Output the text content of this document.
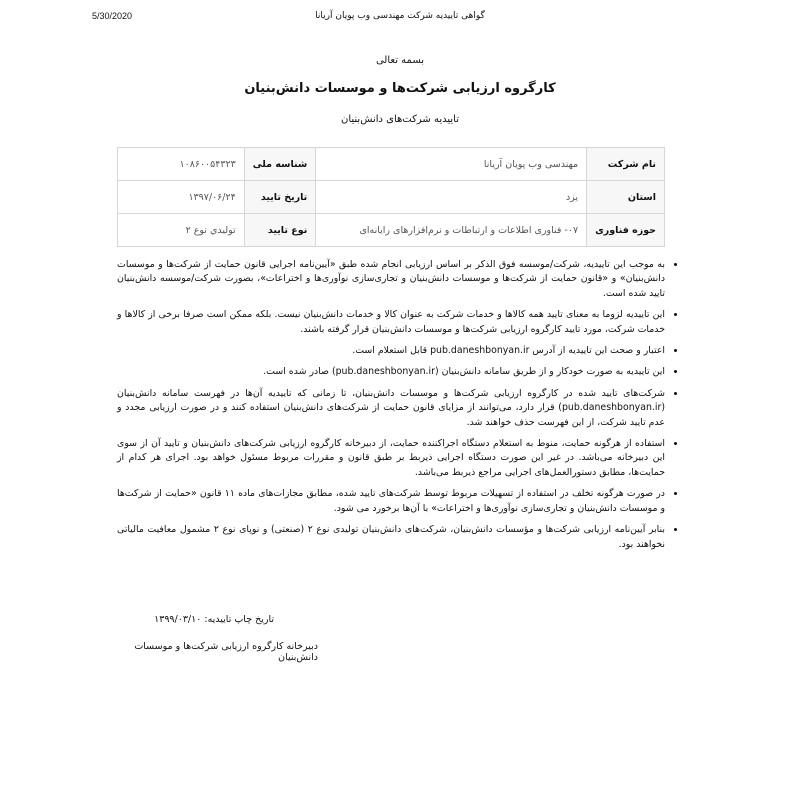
5/30/2020	گواهی تاییدیه شرکت مهندسی وب پویان آریانا
بسمه تعالی
کارگروه ارزیابی شرکت‌ها و موسسات دانش‌بنیان
تاییدیه شرکت‌های دانش‌بنیان
نام شرکت	مهندسی وب پویان آریانا	شناسه ملی	۱۰۸۶۰۰۵۴۳۲۳
استان	یزد	تاریخ تایید	۱۳۹۷/۰۶/۲۴
حوزه فناوری	۰۷- فناوری اطلاعات و ارتباطات و نرم‌افزارهای رایانه‌ای	نوع تایید	توليدي نوع ۲
• به موجب این تاییدیه، شرکت/موسسه فوق الذکر بر اساس ارزیابی انجام شده طبق «آیین‌نامه اجرایی قانون حمایت از شرکت‌ها و موسسات دانش‌بنیان» و «قانون حمایت از شرکت‌ها و موسسات دانش‌بنیان و تجاری‌سازی نوآوری‌ها و اختراعات»، بصورت شرکت/موسسه دانش‌بنیان تایید شده است.
• این تاییدیه لزوما به معنای تایید همه کالاها و خدمات شرکت به عنوان کالا و خدمات دانش‌بنیان نیست. بلکه ممکن است صرفا برخی از کالاها و خدمات شرکت، مورد تایید کارگروه ارزیابی شرکت‌ها و موسسات دانش‌بنیان قرار گرفته باشند.
• اعتبار و صحت این تاییدیه از آدرس pub.daneshbonyan.ir قابل استعلام است.
• این تاییدیه به صورت خودکار و از طریق سامانه دانش‌بنیان (pub.daneshbonyan.ir) صادر شده است.
• شرکت‌های تایید شده در کارگروه ارزیابی شرکت‌ها و موسسات دانش‌بنیان، تا زمانی که تاییدیه آن‌ها در فهرست سامانه دانش‌بنیان (pub.daneshbonyan.ir) قرار دارد، می‌توانند از مزایای قانون حمایت از شرکت‌های دانش‌بنیان استفاده کنند و در صورت ارزیابی مجدد و عدم تایید شرکت، از این فهرست حذف خواهند شد.
• استفاده از هرگونه حمایت، منوط به استعلام دستگاه اجراکننده حمایت، از دبیرخانه کارگروه ارزیابی شرکت‌های دانش‌بنیان و تایید آن از سوی این دبیرخانه می‌باشد. در غیر این صورت دستگاه اجرایی ذیربط بر طبق قانون و مقررات مربوط مسئول خواهد بود. اجرای هر کدام از حمایت‌ها، مطابق دستورالعمل‌های اجرایی مراجع ذیربط می‌باشد.
• در صورت هرگونه تخلف در استفاده از تسهیلات مربوط توسط شرکت‌های تایید شده، مطابق مجازات‌های ماده ۱۱ قانون «حمایت از شرکت‌ها و موسسات دانش‌بنیان و تجاری‌سازی نوآوری‌ها و اختراعات» با آن‌ها برخورد می شود.
• بنابر آیین‌نامه ارزیابی شرکت‌ها و مؤسسات دانش‌بنیان، شرکت‌های دانش‌بنیان تولیدی نوع ۲ (صنعتی) و نوپای نوع ۲ مشمول معافیت مالیاتی نخواهند بود.
تاریخ چاپ تاییدیه: ۱۳۹۹/۰۳/۱۰
دبیرخانه کارگروه ارزیابی شرکت‌ها و موسسات دانش‌بنیان
